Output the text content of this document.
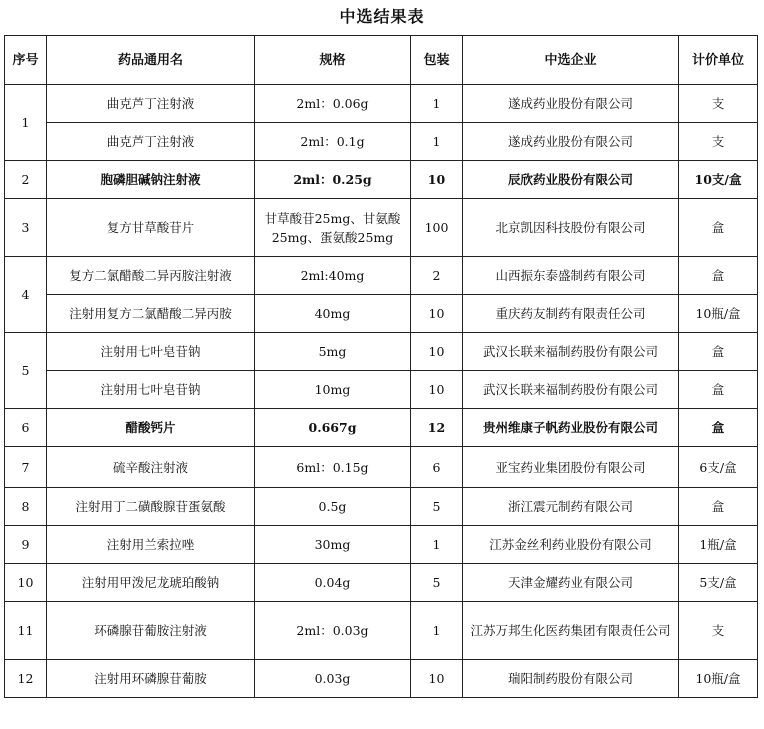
中选结果表
序号	药品通用名	规格	包装	中选企业	计价单位
1	曲克芦丁注射液	2ml：0.06g	1	遂成药业股份有限公司	支
	曲克芦丁注射液	2ml：0.1g	1	遂成药业股份有限公司	支
2	胞磷胆碱钠注射液	2ml：0.25g	10	辰欣药业股份有限公司	10支/盒
3	复方甘草酸苷片	甘草酸苷25mg、甘氨酸25mg、蛋氨酸25mg	100	北京凯因科技股份有限公司	盒
4	复方二氯醋酸二异丙胺注射液	2ml:40mg	2	山西振东泰盛制药有限公司	盒
	注射用复方二氯醋酸二异丙胺	40mg	10	重庆药友制药有限责任公司	10瓶/盒
5	注射用七叶皂苷钠	5mg	10	武汉长联来福制药股份有限公司	盒
	注射用七叶皂苷钠	10mg	10	武汉长联来福制药股份有限公司	盒
6	醋酸钙片	0.667g	12	贵州维康子帆药业股份有限公司	盒
7	硫辛酸注射液	6ml：0.15g	6	亚宝药业集团股份有限公司	6支/盒
8	注射用丁二磺酸腺苷蛋氨酸	0.5g	5	浙江震元制药有限公司	盒
9	注射用兰索拉唑	30mg	1	江苏金丝利药业股份有限公司	1瓶/盒
10	注射用甲泼尼龙琥珀酸钠	0.04g	5	天津金耀药业有限公司	5支/盒
11	环磷腺苷葡胺注射液	2ml：0.03g	1	江苏万邦生化医药集团有限责任公司	支
12	注射用环磷腺苷葡胺	0.03g	10	瑞阳制药股份有限公司	10瓶/盒
